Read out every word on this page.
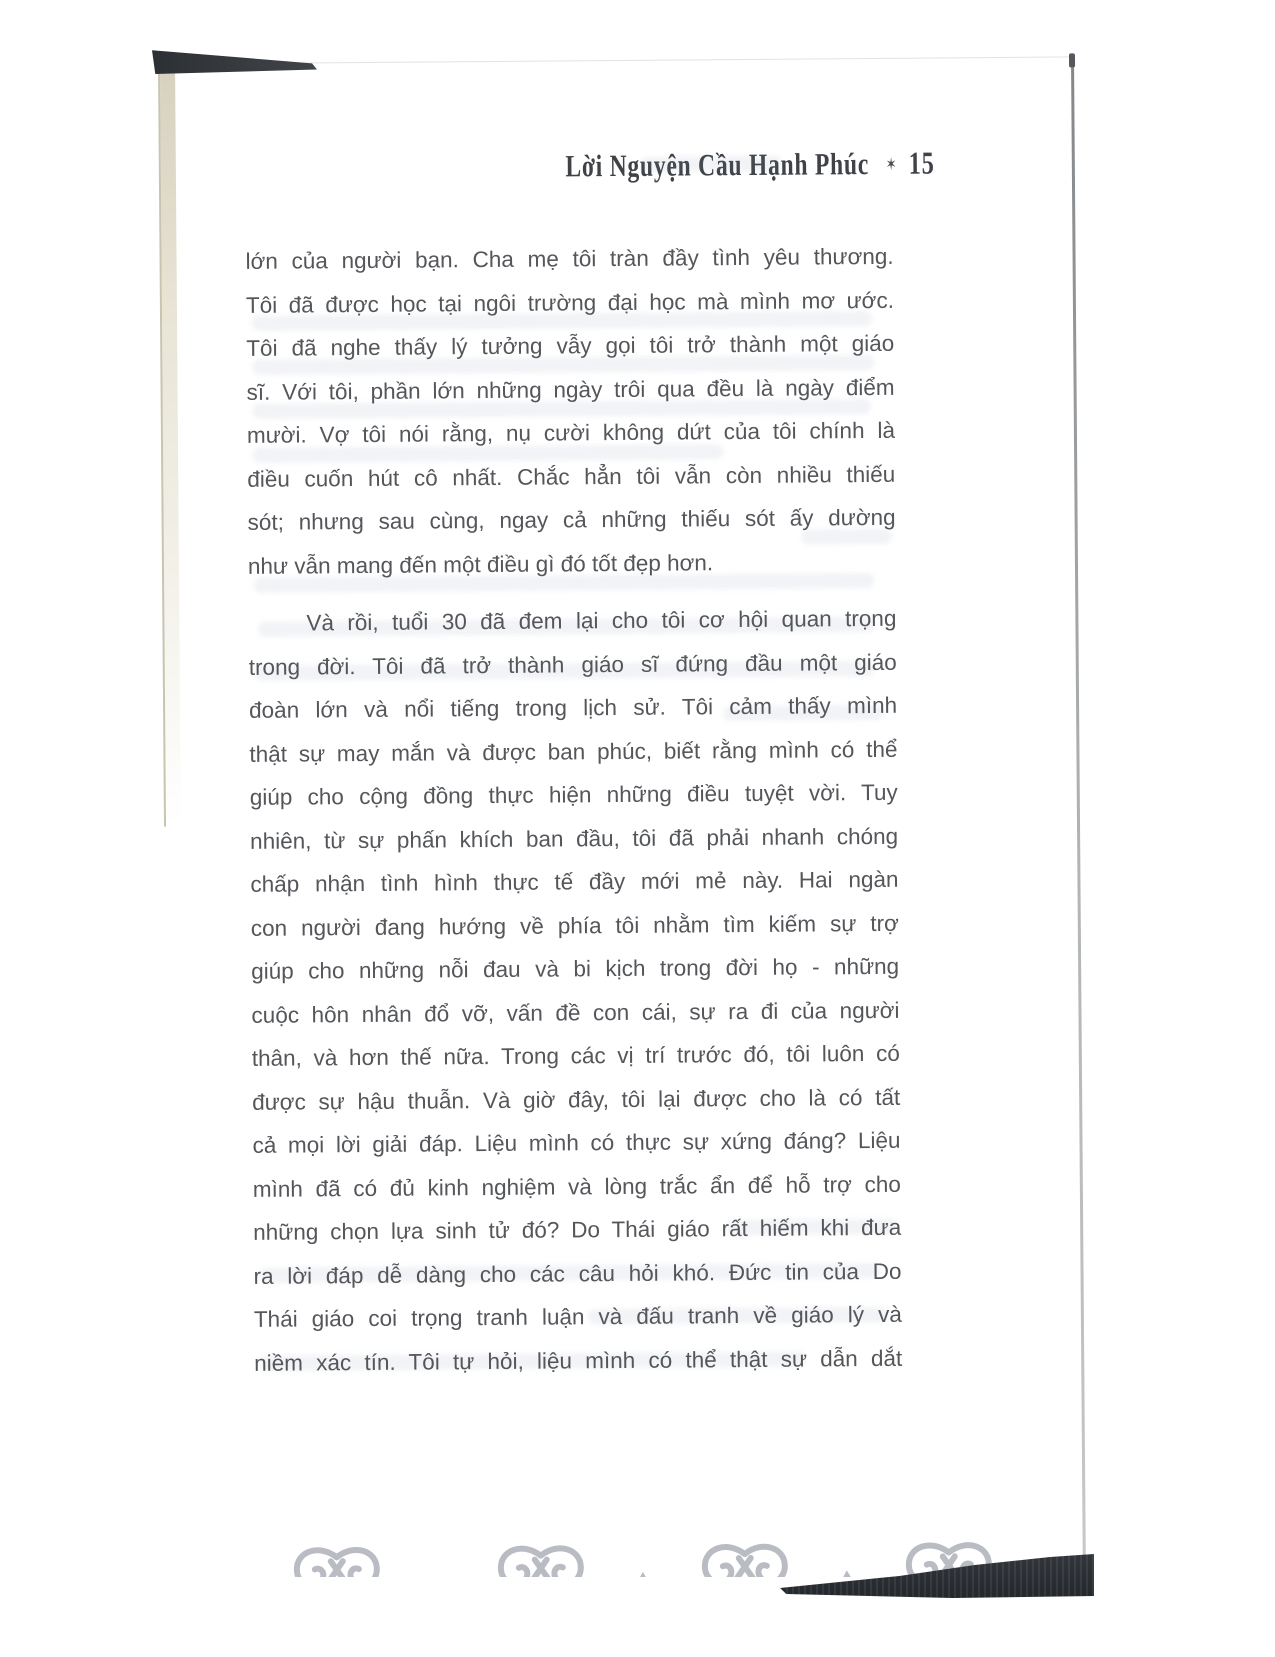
Lời Nguyện Cầu Hạnh Phúc ✶ 15
lớn của người bạn. Cha mẹ tôi tràn đầy tình yêu thương.
Tôi đã được học tại ngôi trường đại học mà mình mơ ước.
Tôi đã nghe thấy lý tưởng vẫy gọi tôi trở thành một giáo
sĩ. Với tôi, phần lớn những ngày trôi qua đều là ngày điểm
mười. Vợ tôi nói rằng, nụ cười không dứt của tôi chính là
điều cuốn hút cô nhất. Chắc hẳn tôi vẫn còn nhiều thiếu
sót; nhưng sau cùng, ngay cả những thiếu sót ấy dường
như vẫn mang đến một điều gì đó tốt đẹp hơn.
Và rồi, tuổi 30 đã đem lại cho tôi cơ hội quan trọng
trong đời. Tôi đã trở thành giáo sĩ đứng đầu một giáo
đoàn lớn và nổi tiếng trong lịch sử. Tôi cảm thấy mình
thật sự may mắn và được ban phúc, biết rằng mình có thể
giúp cho cộng đồng thực hiện những điều tuyệt vời. Tuy
nhiên, từ sự phấn khích ban đầu, tôi đã phải nhanh chóng
chấp nhận tình hình thực tế đầy mới mẻ này. Hai ngàn
con người đang hướng về phía tôi nhằm tìm kiếm sự trợ
giúp cho những nỗi đau và bi kịch trong đời họ - những
cuộc hôn nhân đổ vỡ, vấn đề con cái, sự ra đi của người
thân, và hơn thế nữa. Trong các vị trí trước đó, tôi luôn có
được sự hậu thuẫn. Và giờ đây, tôi lại được cho là có tất
cả mọi lời giải đáp. Liệu mình có thực sự xứng đáng? Liệu
mình đã có đủ kinh nghiệm và lòng trắc ẩn để hỗ trợ cho
những chọn lựa sinh tử đó? Do Thái giáo rất hiếm khi đưa
ra lời đáp dễ dàng cho các câu hỏi khó. Đức tin của Do
Thái giáo coi trọng tranh luận và đấu tranh về giáo lý và
niềm xác tín. Tôi tự hỏi, liệu mình có thể thật sự dẫn dắt
